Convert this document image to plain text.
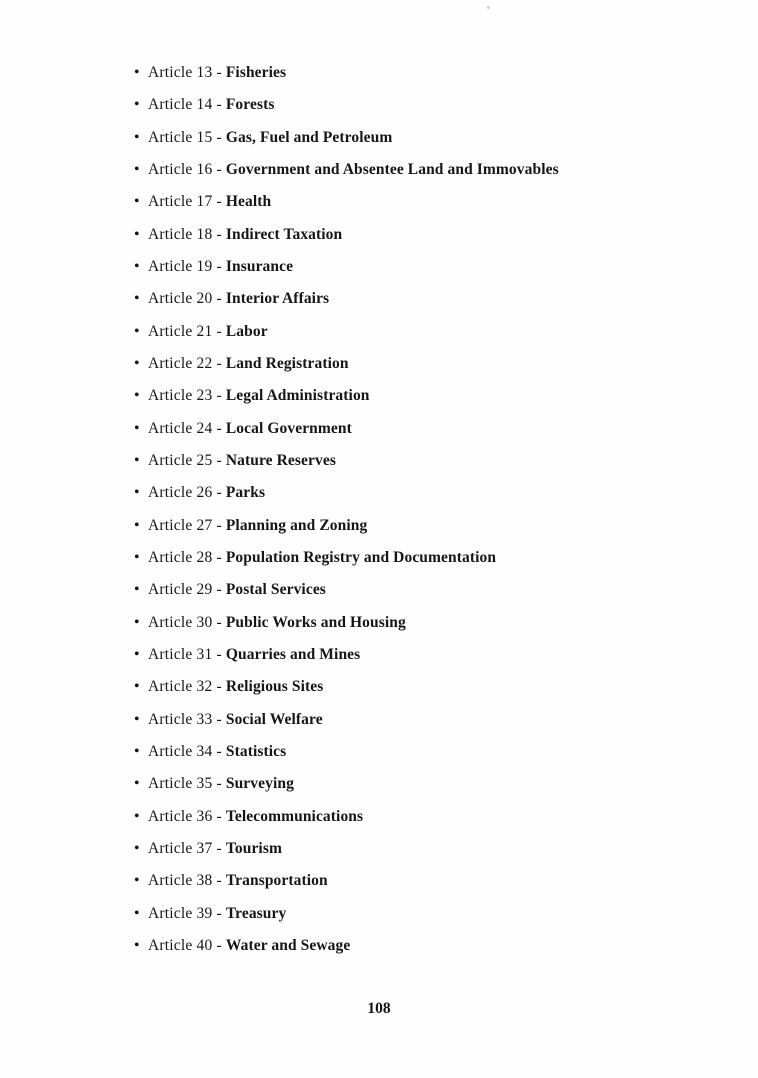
• Article 13 - Fisheries
• Article 14 - Forests
• Article 15 - Gas, Fuel and Petroleum
• Article 16 - Government and Absentee Land and Immovables
• Article 17 - Health
• Article 18 - Indirect Taxation
• Article 19 - Insurance
• Article 20 - Interior Affairs
• Article 21 - Labor
• Article 22 - Land Registration
• Article 23 - Legal Administration
• Article 24 - Local Government
• Article 25 - Nature Reserves
• Article 26 - Parks
• Article 27 - Planning and Zoning
• Article 28 - Population Registry and Documentation
• Article 29 - Postal Services
• Article 30 - Public Works and Housing
• Article 31 - Quarries and Mines
• Article 32 - Religious Sites
• Article 33 - Social Welfare
• Article 34 - Statistics
• Article 35 - Surveying
• Article 36 - Telecommunications
• Article 37 - Tourism
• Article 38 - Transportation
• Article 39 - Treasury
• Article 40 - Water and Sewage
108
